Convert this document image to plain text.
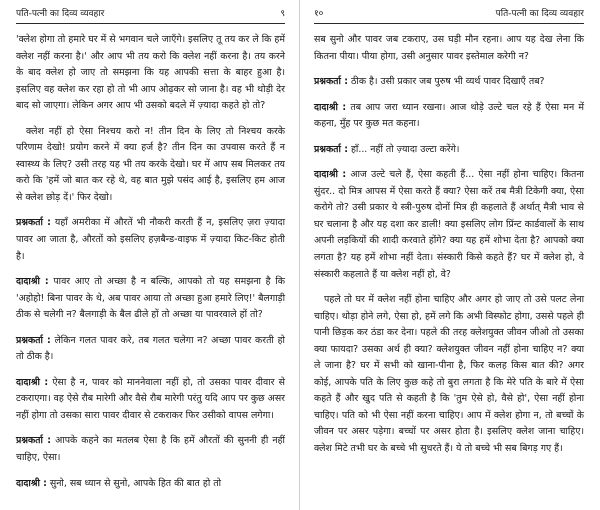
पति-पत्नी का दिव्य व्यवहार	९

'क्लेश होगा तो हमारे घर में से भगवान चले जाएँगे। इसलिए तू तय कर ले कि हमें क्लेश नहीं करना है।' और आप भी तय करो कि क्लेश नहीं करना है। तय करने के बाद क्लेश हो जाए तो समझना कि यह आपकी सत्ता के बाहर हुआ है। इसलिए वह क्लेश कर रहा हो तो भी आप ओढ़कर सो जाना है। वह भी थोड़ी देर बाद सो जाएगा। लेकिन अगर आप भी उसको बदले में ज़्यादा कहते हो तो?

क्लेश नहीं हो ऐसा निश्चय करो न! तीन दिन के लिए तो निश्चय करके परिणाम देखो! प्रयोग करने में क्या हर्ज है? तीन दिन का उपवास करते हैं न स्वास्थ्य के लिए? उसी तरह यह भी तय करके देखो। घर में आप सब मिलकर तय करो कि 'हमें जो बात कर रहे थे, वह बात मुझे पसंद आई है, इसलिए हम आज से क्लेश छोड़ दें।' फिर देखो।

प्रश्नकर्ता : यहाँ अमरीका में औरतें भी नौकरी करती हैं न, इसलिए ज़रा ज़्यादा पावर आ जाता है, औरतों को इसलिए हज़बैन्ड-वाइफ में ज़्यादा किट-किट होती है।

दादाश्री : पावर आए तो अच्छा है न बल्कि, आपको तो यह समझना है कि 'अहोहो! बिना पावर के थे, अब पावर आया तो अच्छा हुआ हमारे लिए!' बैलगाड़ी ठीक से चलेगी न? बैलगाड़ी के बैल ढीले हों तो अच्छा या पावरवाले हों तो?

प्रश्नकर्ता : लेकिन गलत पावर करे, तब गलत चलेगा न? अच्छा पावर करती हो तो ठीक है।

दादाश्री : ऐसा है न, पावर को माननेवाला नहीं हो, तो उसका पावर दीवार से टकराएगा। वह ऐसे रौब मारेगी और वैसे रौब मारेगी परंतु यदि आप पर कुछ असर नहीं होगा तो उसका सारा पावर दीवार से टकराकर फिर उसीको वापस लगेगा।

प्रश्नकर्ता : आपके कहने का मतलब ऐसा है कि हमें औरतों की सुननी ही नहीं चाहिए, ऐसा।

दादाश्री : सुनो, सब ध्यान से सुनो, आपके हित की बात हो तो

१०	पति-पत्नी का दिव्य व्यवहार

सब सुनो और पावर जब टकराए, उस घड़ी मौन रहना। आप यह देख लेना कि कितना पीया। पीया होगा, उसी अनुसार पावर इस्तेमाल करेगी न?

प्रश्नकर्ता : ठीक है। उसी प्रकार जब पुरुष भी व्यर्थ पावर दिखाएँ तब?

दादाश्री : तब आप जरा ध्यान रखना। आज थोड़े उल्टे चल रहे हैं ऐसा मन में कहना, मुँह पर कुछ मत कहना।

प्रश्नकर्ता : हाँ... नहीं तो ज़्यादा उल्टा करेंगे।

दादाश्री : आज उल्टे चले हैं, ऐसा कहती हैं... ऐसा नहीं होना चाहिए। कितना सुंदर.. दो मित्र आपस में ऐसा करते हैं क्या? ऐसा करें तब मैत्री टिकेगी क्या, ऐसा करोगे तो? उसी प्रकार ये स्त्री-पुरुष दोनों मित्र ही कहलाते हैं अर्थात् मैत्री भाव से घर चलाना है और यह दशा कर डाली! क्या इसलिए लोग प्रिंन्ट कार्डवालों के साथ अपनी लड़कियों की शादी करवाते होंगे? क्या यह हमें शोभा देता है? आपको क्या लगता है? यह हमें शोभा नहीं देता। संस्कारी किसे कहते हैं? घर में क्लेश हो, वे संस्कारी कहलाते हैं या क्लेश नहीं हो, वे?

पहले तो घर में क्लेश नहीं होना चाहिए और अगर हो जाए तो उसे पलट लेना चाहिए। थोड़ा होने लगे, ऐसा हो, हमें लगे कि अभी विस्फोट होगा, उससे पहले ही पानी छिड़क कर ठंडा कर देना। पहले की तरह क्लेशयुक्त जीवन जीओ तो उसका क्या फायदा? उसका अर्थ ही क्या? क्लेशयुक्त जीवन नहीं होना चाहिए न? क्या ले जाना है? घर में सभी को खाना-पीना है, फिर कलह किस बात की? अगर कोई, आपके पति के लिए कुछ कहे तो बुरा लगता है कि मेरे पति के बारे में ऐसा कहते हैं और खुद पति से कहती है कि 'तुम ऐसे हो, वैसे हो', ऐसा नहीं होना चाहिए। पति को भी ऐसा नहीं करना चाहिए। आप में क्लेश होगा न, तो बच्चों के जीवन पर असर पड़ेगा। बच्चों पर असर होता है। इसलिए क्लेश जाना चाहिए। क्लेश मिटे तभी घर के बच्चे भी सुधरते हैं। ये तो बच्चे भी सब बिगड़ गए हैं।
